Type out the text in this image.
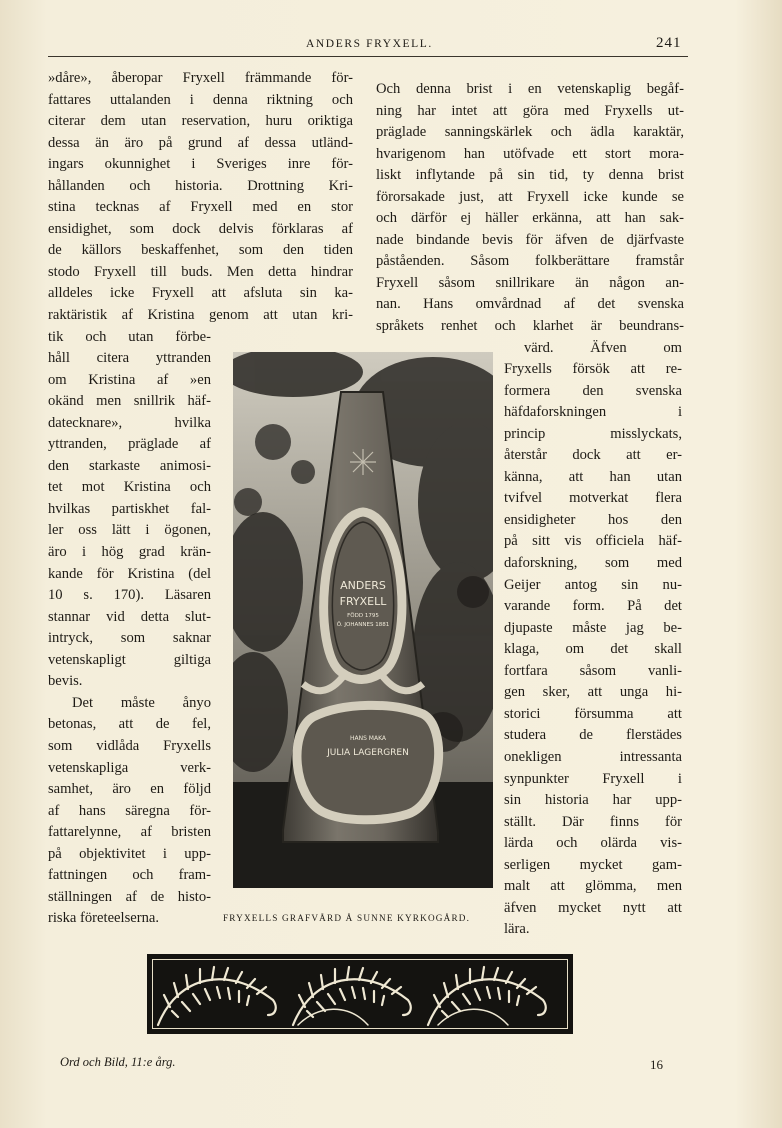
ANDERS FRYXELL.	241
»dåre», åberopar Fryxell främmande för-
fattares uttalanden i denna riktning och
citerar dem utan reservation, huru oriktiga
dessa än äro på grund af dessa utländ-
ingars okunnighet i Sveriges inre för-
hållanden och historia. Drottning Kri-
stina tecknas af Fryxell med en stor
ensidighet, som dock delvis förklaras af
de källors beskaffenhet, som den tiden
stodo Fryxell till buds. Men detta hindrar
alldeles icke Fryxell att afsluta sin ka-
raktäristik af Kristina genom att utan kri-
tik och utan förbe-
håll citera yttranden
om Kristina af »en
okänd men snillrik häf-
datecknare», hvilka
yttranden, präglade af
den starkaste animosi-
tet mot Kristina och
hvilkas partiskhet fal-
ler oss lätt i ögonen,
äro i hög grad krän-
kande för Kristina (del
10 s. 170). Läsaren
stannar vid detta slut-
intryck, som saknar
vetenskapligt giltiga
bevis.
Det måste ånyo
betonas, att de fel,
som vidlåda Fryxells
vetenskapliga verk-
samhet, äro en följd
af hans säregna för-
fattarelynne, af bristen
på objektivitet i upp-
fattningen och fram-
ställningen af de histo-
riska företeelserna.
Och denna brist i en vetenskaplig begåf-
ning har intet att göra med Fryxells ut-
präglade sanningskärlek och ädla karaktär,
hvarigenom han utöfvade ett stort mora-
liskt inflytande på sin tid, ty denna brist
förorsakade just, att Fryxell icke kunde se
och därför ej häller erkänna, att han sak-
nade bindande bevis för äfven de djärfvaste
påståenden. Såsom folkberättare framstår
Fryxell såsom snillrikare än någon an-
nan. Hans omvårdnad af det svenska
språkets renhet och klarhet är beundrans-
värd. Äfven om
Fryxells försök att re-
formera den svenska
häfdaforskningen i
princip misslyckats,
återstår dock att er-
känna, att han utan
tvifvel motverkat flera
ensidigheter hos den
på sitt vis officiela häf-
daforskning, som med
Geijer antog sin nu-
varande form. På det
djupaste måste jag be-
klaga, om det skall
fortfara såsom vanli-
gen sker, att unga hi-
storici försumma att
studera de flerstädes
onekligen intressanta
synpunkter Fryxell i
sin historia har upp-
ställt. Där finns för
lärda och olärda vis-
serligen mycket gam-
malt att glömma, men
äfven mycket nytt att
lära.
ANDERS
FRYXELL
FÖDD 1795
Ö. JOHANNES 1881
HANS MAKA
JULIA LAGERGREN
FRYXELLS GRAFVÅRD Å SUNNE KYRKOGÅRD.
Ord och Bild, 11:e årg.	16
